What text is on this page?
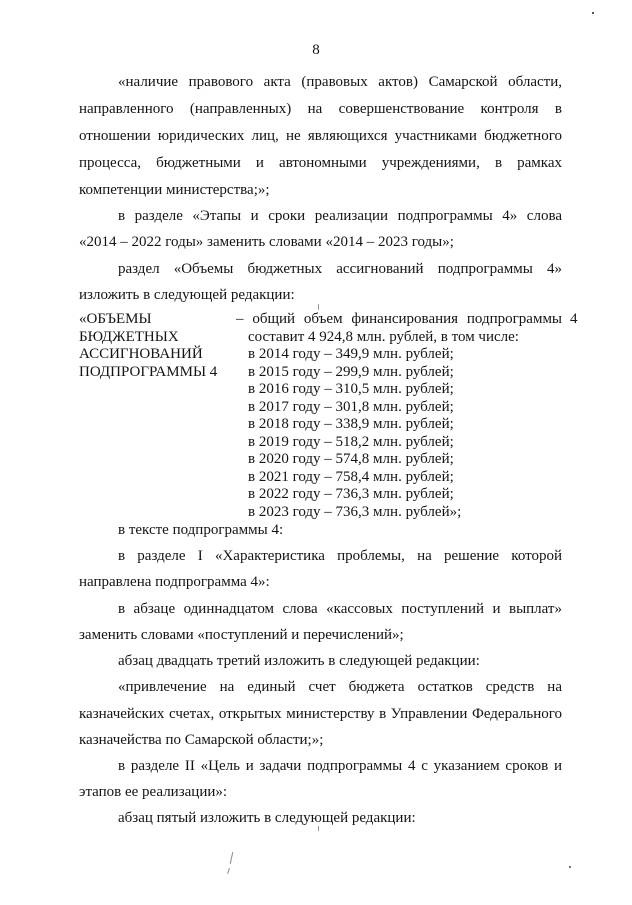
8
«наличие правового акта (правовых актов) Самарской области,
направленного (направленных) на совершенствование контроля в
отношении юридических лиц, не являющихся участниками бюджетного
процесса, бюджетными и автономными учреждениями, в рамках
компетенции министерства;»;
в разделе «Этапы и сроки реализации подпрограммы 4» слова
«2014 – 2022 годы» заменить словами «2014 – 2023 годы»;
раздел «Объемы бюджетных ассигнований подпрограммы 4»
изложить в следующей редакции:
«ОБЪЕМЫ
БЮДЖЕТНЫХ
АССИГНОВАНИЙ
ПОДПРОГРАММЫ 4
– общий объем финансирования подпрограммы
составит 4 924,8 млн. рублей, в том числе:
в 2014 году – 349,9 млн. рублей;
в 2015 году – 299,9 млн. рублей;
в 2016 году – 310,5 млн. рублей;
в 2017 году – 301,8 млн. рублей;
в 2018 году – 338,9 млн. рублей;
в 2019 году – 518,2 млн. рублей;
в 2020 году – 574,8 млн. рублей;
в 2021 году – 758,4 млн. рублей;
в 2022 году – 736,3 млн. рублей;
в 2023 году – 736,3 млн. рублей»;
4
в тексте подпрограммы 4:
в разделе I «Характеристика проблемы, на решение которой
направлена подпрограмма 4»:
в абзаце одиннадцатом слова «кассовых поступлений и выплат»
заменить словами «поступлений и перечислений»;
абзац двадцать третий изложить в следующей редакции:
«привлечение на единый счет бюджета остатков средств на
казначейских счетах, открытых министерству в Управлении Федерального
казначейства по Самарской области;»;
в разделе II «Цель и задачи подпрограммы 4 с указанием сроков и
этапов ее реализации»:
абзац пятый изложить в следующей редакции:
